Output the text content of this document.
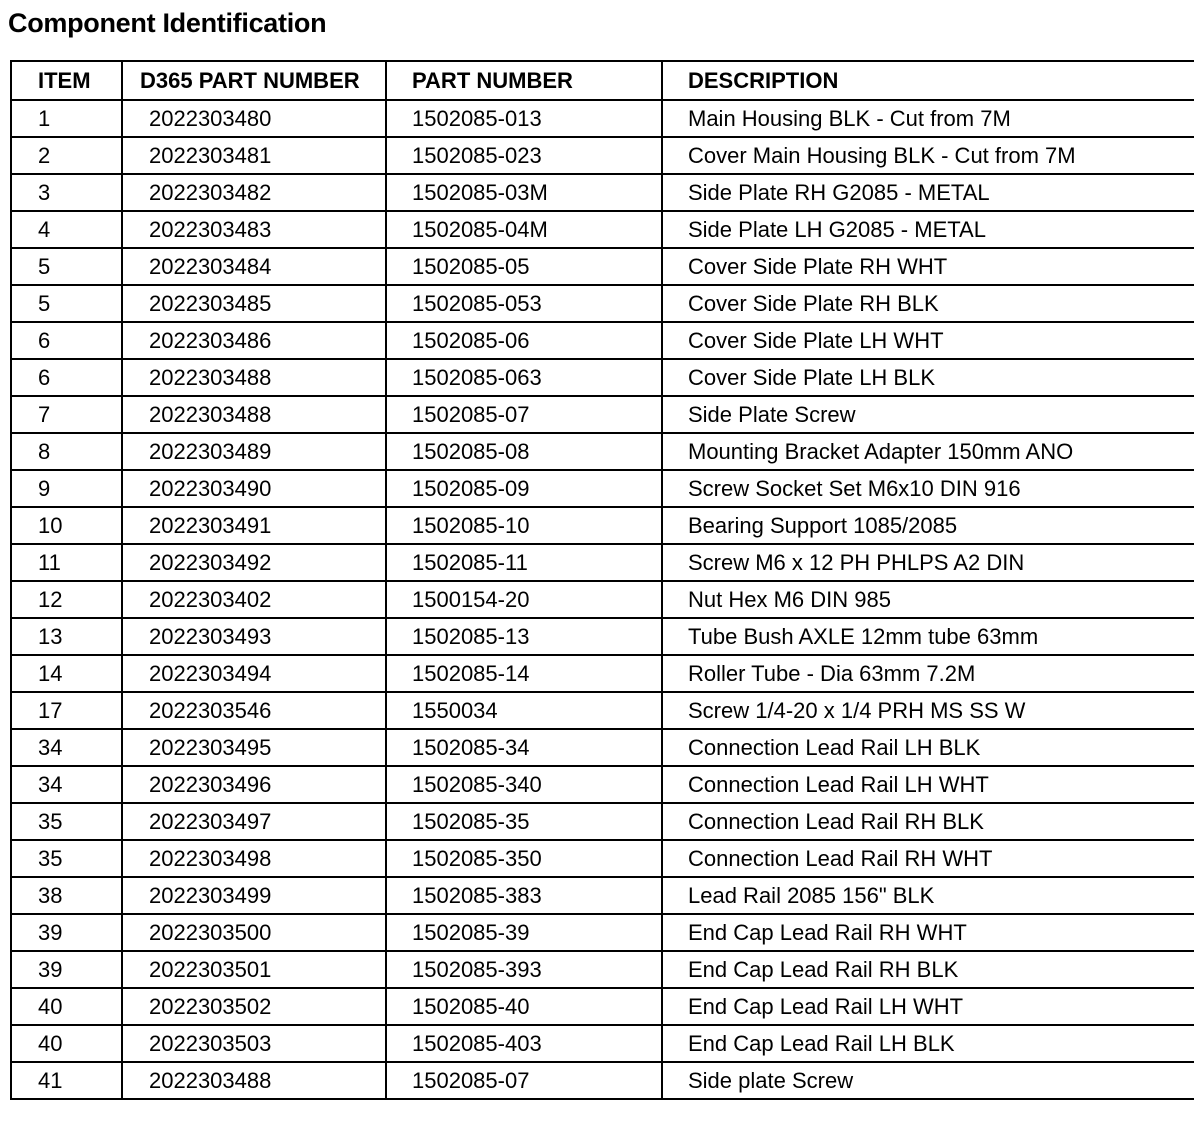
Component Identification
ITEM	D365 PART NUMBER	PART NUMBER	DESCRIPTION
1	2022303480	1502085-013	Main Housing BLK - Cut from 7M
2	2022303481	1502085-023	Cover Main Housing BLK - Cut from 7M
3	2022303482	1502085-03M	Side Plate RH G2085 - METAL
4	2022303483	1502085-04M	Side Plate LH G2085 - METAL
5	2022303484	1502085-05	Cover Side Plate RH WHT
5	2022303485	1502085-053	Cover Side Plate RH BLK
6	2022303486	1502085-06	Cover Side Plate LH WHT
6	2022303488	1502085-063	Cover Side Plate LH BLK
7	2022303488	1502085-07	Side Plate Screw
8	2022303489	1502085-08	Mounting Bracket Adapter 150mm ANO
9	2022303490	1502085-09	Screw Socket Set M6x10 DIN 916
10	2022303491	1502085-10	Bearing Support 1085/2085
11	2022303492	1502085-11	Screw M6 x 12 PH PHLPS A2 DIN
12	2022303402	1500154-20	Nut Hex M6 DIN 985
13	2022303493	1502085-13	Tube Bush AXLE 12mm tube 63mm
14	2022303494	1502085-14	Roller Tube - Dia 63mm 7.2M
17	2022303546	1550034	Screw 1/4-20 x 1/4 PRH MS SS W
34	2022303495	1502085-34	Connection Lead Rail LH BLK
34	2022303496	1502085-340	Connection Lead Rail LH WHT
35	2022303497	1502085-35	Connection Lead Rail RH BLK
35	2022303498	1502085-350	Connection Lead Rail RH WHT
38	2022303499	1502085-383	Lead Rail 2085 156" BLK
39	2022303500	1502085-39	End Cap Lead Rail RH WHT
39	2022303501	1502085-393	End Cap Lead Rail RH BLK
40	2022303502	1502085-40	End Cap Lead Rail LH WHT
40	2022303503	1502085-403	End Cap Lead Rail LH BLK
41	2022303488	1502085-07	Side plate Screw
